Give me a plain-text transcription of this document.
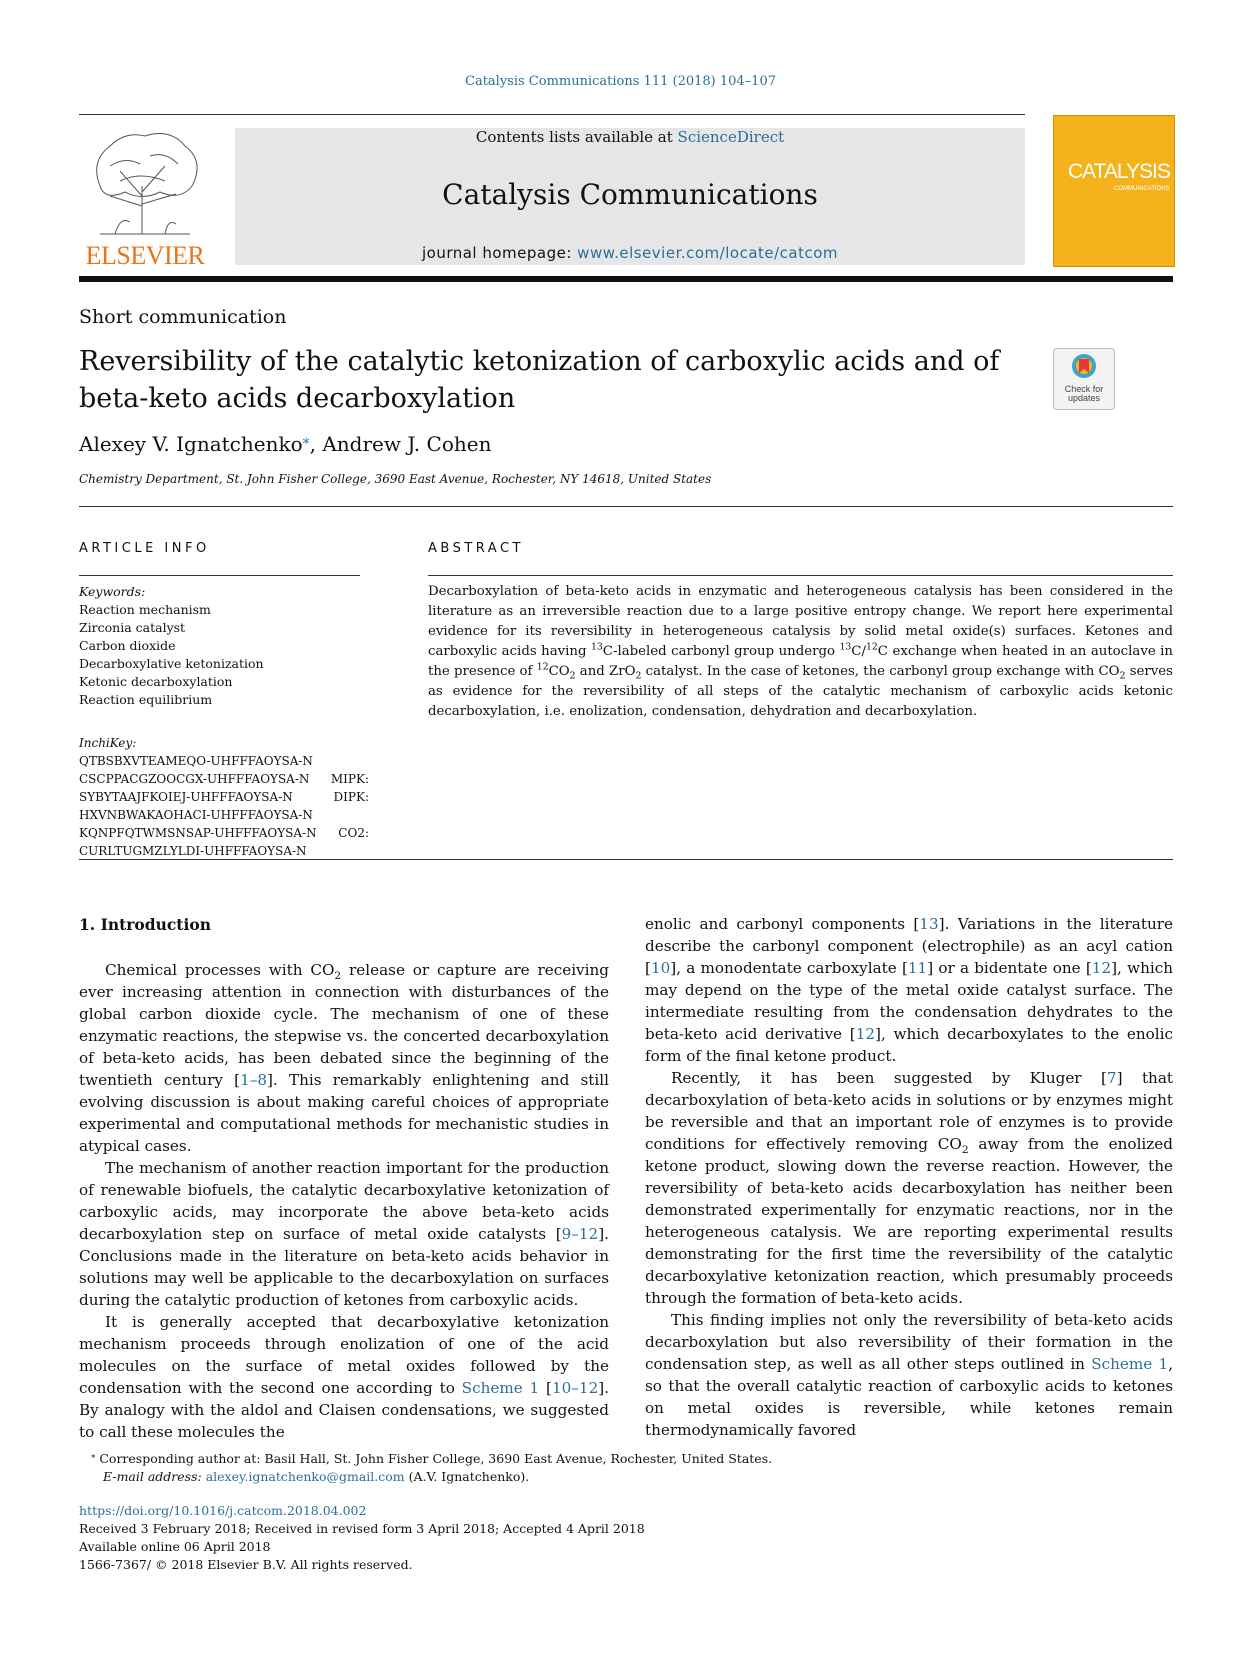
Catalysis Communications 111 (2018) 104–107
ELSEVIER
Contents lists available at ScienceDirect
Catalysis Communications
journal homepage: www.elsevier.com/locate/catcom
CATALYSIS
COMMUNICATIONS
Short communication
Reversibility of the catalytic ketonization of carboxylic acids and of beta-keto acids decarboxylation	Check for updates
Alexey V. Ignatchenko⁎, Andrew J. Cohen
Chemistry Department, St. John Fisher College, 3690 East Avenue, Rochester, NY 14618, United States
ARTICLE INFO
Keywords:
Reaction mechanism
Zirconia catalyst
Carbon dioxide
Decarboxylative ketonization
Ketonic decarboxylation
Reaction equilibrium
InchiKey:
QTBSBXVTEAMEQO-UHFFFAOYSA-N
CSCPPACGZOOCGX-UHFFFAOYSA-N MIPK:
SYBYTAAJFKOIEJ-UHFFFAOYSA-N	DIPK:
HXVNBWAKAOHACI-UHFFFAOYSA-N
KQNPFQTWMSNSAP-UHFFFAOYSA-N CO2:
CURLTUGMZLYLDI-UHFFFAOYSA-N
ABSTRACT
Decarboxylation of beta-keto acids in enzymatic and heterogeneous catalysis has been considered in the literature as an irreversible reaction due to a large positive entropy change. We report here experimental evidence for its reversibility in heterogeneous catalysis by solid metal oxide(s) surfaces. Ketones and carboxylic acids having $^{13}$C-labeled carbonyl group undergo $^{13}$C/$^{12}$C exchange when heated in an autoclave in the presence of $^{12}CO_2$ and ZrO$_2$ catalyst. In the case of ketones, the carbonyl group exchange with $CO_2$ serves as evidence for the reversibility of all steps of the catalytic mechanism of carboxylic acids ketonic decarboxylation, i.e. enolization, condensation, dehydration and decarboxylation.
1. Introduction

Chemical processes with $CO_2$ release or capture are receiving ever increasing attention in connection with disturbances of the global carbon dioxide cycle. The mechanism of one of these enzymatic reactions, the stepwise vs. the concerted decarboxylation of beta-keto acids, has been debated since the beginning of the twentieth century [1–8]. This remarkably enlightening and still evolving discussion is about making careful choices of appropriate experimental and computational methods for mechanistic studies in atypical cases.

The mechanism of another reaction important for the production of renewable biofuels, the catalytic decarboxylative ketonization of carboxylic acids, may incorporate the above beta-keto acids decarboxylation step on surface of metal oxide catalysts [9–12]. Conclusions made in the literature on beta-keto acids behavior in solutions may well be applicable to the decarboxylation on surfaces during the catalytic production of ketones from carboxylic acids.

It is generally accepted that decarboxylative ketonization mechanism proceeds through enolization of one of the acid molecules on the surface of metal oxides followed by the condensation with the second one according to Scheme 1 [10–12]. By analogy with the aldol and Claisen condensations, we suggested to call these molecules the

enolic and carbonyl components [13]. Variations in the literature describe the carbonyl component (electrophile) as an acyl cation [10], a monodentate carboxylate [11] or a bidentate one [12], which may depend on the type of the metal oxide catalyst surface. The intermediate resulting from the condensation dehydrates to the beta-keto acid derivative [12], which decarboxylates to the enolic form of the final ketone product.

Recently, it has been suggested by Kluger [7] that decarboxylation of beta-keto acids in solutions or by enzymes might be reversible and that an important role of enzymes is to provide conditions for effectively removing $CO_2$ away from the enolized ketone product, slowing down the reverse reaction. However, the reversibility of beta-keto acids decarboxylation has neither been demonstrated experimentally for enzymatic reactions, nor in the heterogeneous catalysis. We are reporting experimental results demonstrating for the first time the reversibility of the catalytic decarboxylative ketonization reaction, which presumably proceeds through the formation of beta-keto acids.

This finding implies not only the reversibility of beta-keto acids decarboxylation but also reversibility of their formation in the condensation step, as well as all other steps outlined in Scheme 1, so that the overall catalytic reaction of carboxylic acids to ketones on metal oxides is reversible, while ketones remain thermodynamically favored

⁎ Corresponding author at: Basil Hall, St. John Fisher College, 3690 East Avenue, Rochester, United States.
E-mail address: alexey.ignatchenko@gmail.com (A.V. Ignatchenko).
https://doi.org/10.1016/j.catcom.2018.04.002
Received 3 February 2018; Received in revised form 3 April 2018; Accepted 4 April 2018
Available online 06 April 2018
1566-7367/ © 2018 Elsevier B.V. All rights reserved.
